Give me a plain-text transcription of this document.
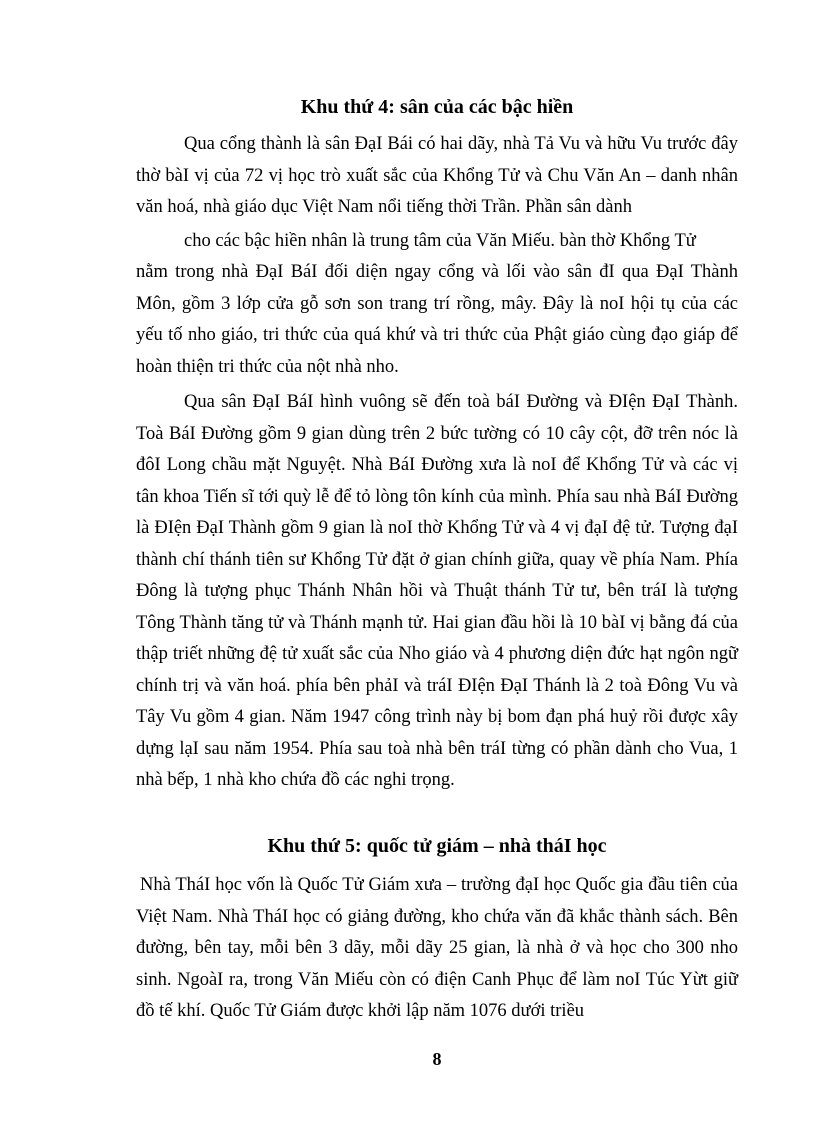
Khu thứ 4: sân của các bậc hiền

Qua cổng thành là sân ĐạI Bái có hai dãy, nhà Tả Vu và hữu Vu trước đây thờ bàI vị của 72 vị học trò xuất sắc của Khổng Tử và Chu Văn An – danh nhân văn hoá, nhà giáo dục Việt Nam nổi tiếng thời Trần. Phần sân dành

cho các bậc hiền nhân là trung tâm của Văn Miếu. bàn thờ Khổng Tử

nằm trong nhà ĐạI BáI đối diện ngay cổng và lối vào sân đI qua ĐạI Thành Môn, gồm 3 lớp cửa gỗ sơn son trang trí rồng, mây. Đây là noI hội tụ của các yếu tố nho giáo, tri thức của quá khứ và tri thức của Phật giáo cùng đạo giáp để hoàn thiện tri thức của nột nhà nho.

Qua sân ĐạI BáI hình vuông sẽ đến toà báI Đường và ĐIện ĐạI Thành. Toà BáI Đường gồm 9 gian dùng trên 2 bức tường có 10 cây cột, đỡ trên nóc là đôI Long chầu mặt Nguyệt. Nhà BáI Đường xưa là noI để Khổng Tử và các vị tân khoa Tiến sĩ tới quỳ lễ để tỏ lòng tôn kính của mình. Phía sau nhà BáI Đường là ĐIện ĐạI Thành gồm 9 gian là noI thờ Khổng Tử và 4 vị đạI đệ tử. Tượng đạI thành chí thánh tiên sư Khổng Tử đặt ở gian chính giữa, quay về phía Nam. Phía Đông là tượng phục Thánh Nhân hồi và Thuật thánh Tử tư, bên tráI là tượng Tông Thành tăng tử và Thánh mạnh tử. Hai gian đầu hồi là 10 bàI vị bằng đá của thập triết những đệ tử xuất sắc của Nho giáo và 4 phương diện đức hạt ngôn ngữ chính trị và văn hoá. phía bên phảI và tráI ĐIện ĐạI Thánh là 2 toà Đông Vu và Tây Vu gồm 4 gian. Năm 1947 công trình này bị bom đạn phá huỷ rồi được xây dựng lạI sau năm 1954. Phía sau toà nhà bên tráI từng có phần dành cho Vua, 1 nhà bếp, 1 nhà kho chứa đồ các nghi trọng.

Khu thứ 5: quốc tử giám – nhà tháI học

Nhà TháI học vốn là Quốc Tử Giám xưa – trường đạI học Quốc gia đầu tiên của Việt Nam. Nhà TháI học có giảng đường, kho chứa văn đã khắc thành sách. Bên đường, bên tay, mỗi bên 3 dãy, mỗi dãy 25 gian, là nhà ở và học cho 300 nho sinh. NgoàI ra, trong Văn Miếu còn có điện Canh Phục để làm noI Túc Yừt giữ đồ tế khí. Quốc Tử Giám được khởi lập năm 1076 dưới triều

8
